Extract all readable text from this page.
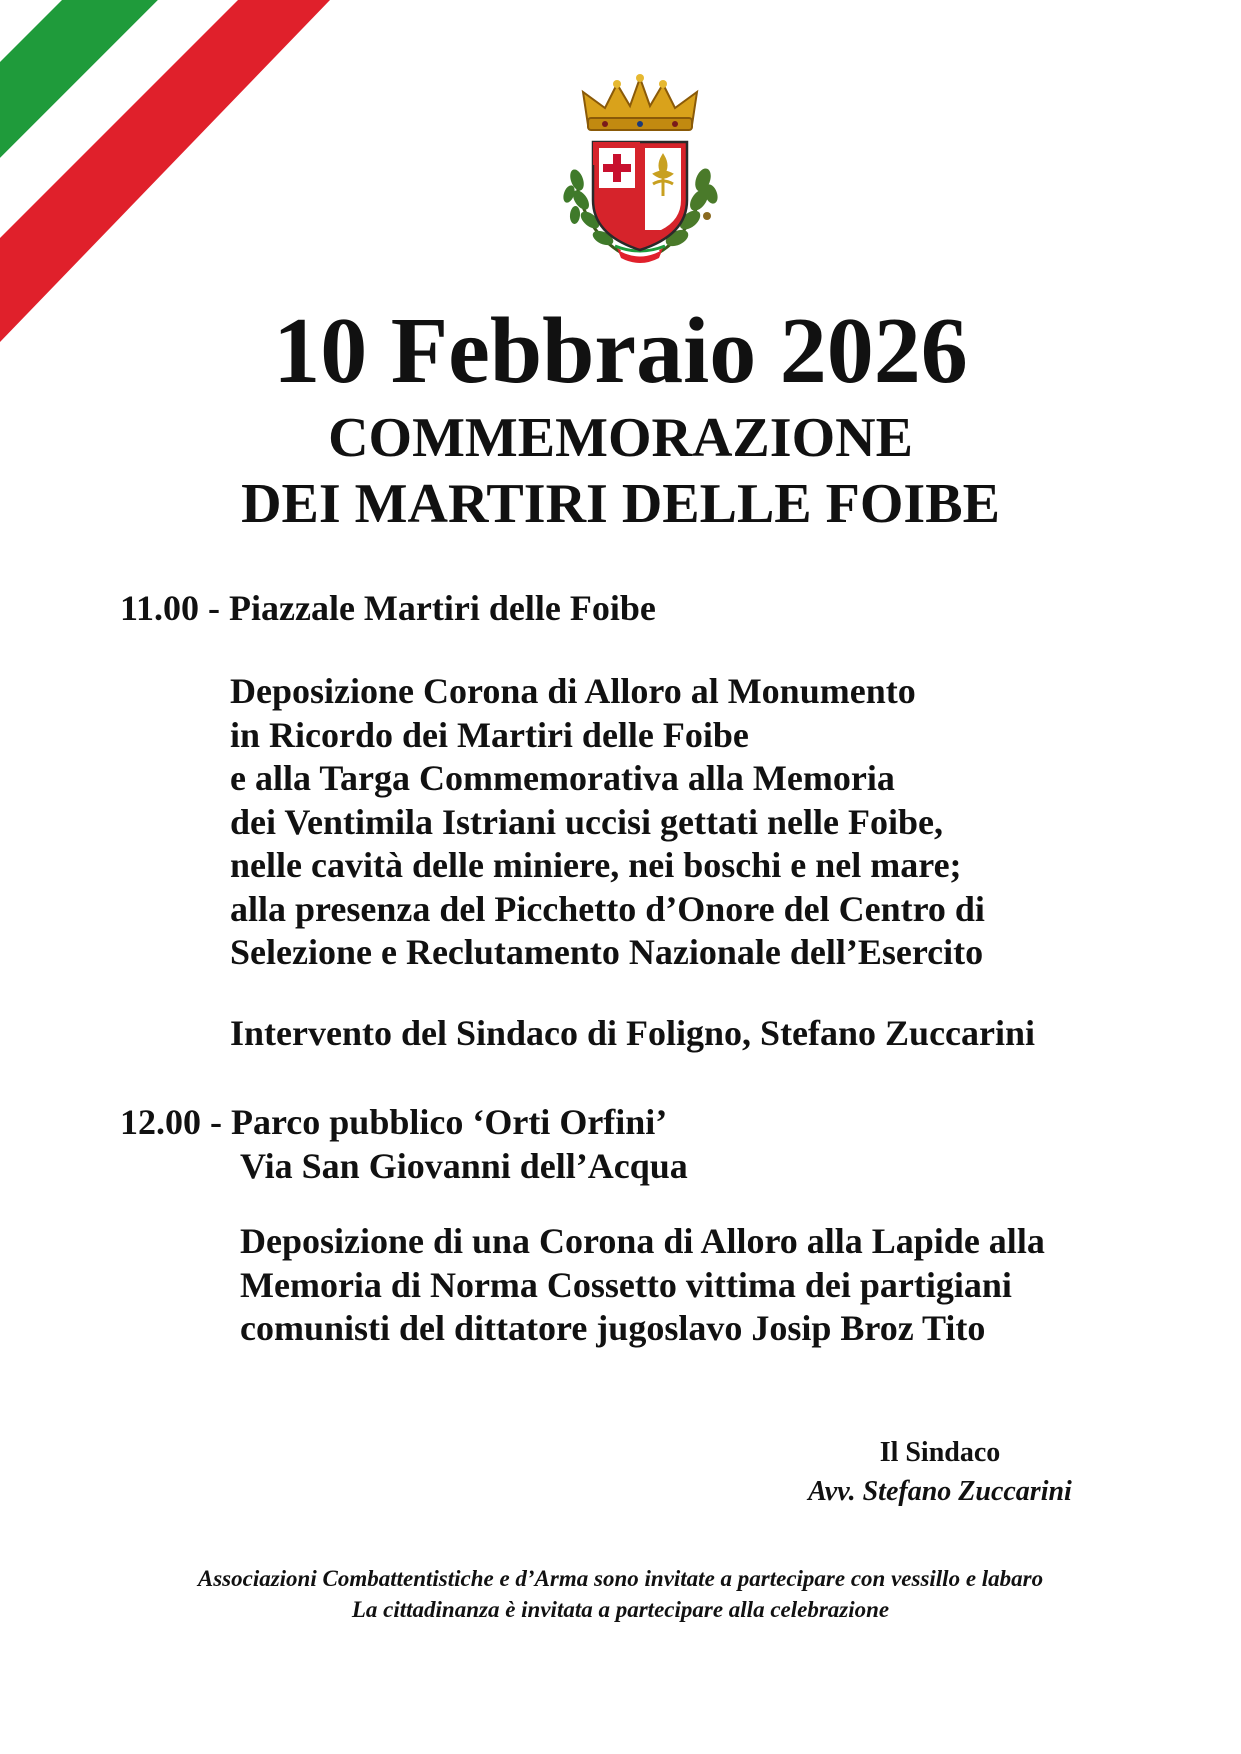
10 Febbraio 2026
COMMEMORAZIONE
DEI MARTIRI DELLE FOIBE
11.00 - Piazzale Martiri delle Foibe
Deposizione Corona di Alloro al Monumento
in Ricordo dei Martiri delle Foibe
e alla Targa Commemorativa alla Memoria
dei Ventimila Istriani uccisi gettati nelle Foibe,
nelle cavità delle miniere, nei boschi e nel mare;
alla presenza del Picchetto d’Onore del Centro di
Selezione e Reclutamento Nazionale dell’Esercito
Intervento del Sindaco di Foligno, Stefano Zuccarini
12.00 - Parco pubblico ‘Orti Orfini’
Via San Giovanni dell’Acqua
Deposizione di una Corona di Alloro alla Lapide alla
Memoria di Norma Cossetto vittima dei partigiani
comunisti del dittatore jugoslavo Josip Broz Tito
Il Sindaco
Avv. Stefano Zuccarini
Associazioni Combattentistiche e d’Arma sono invitate a partecipare con vessillo e labaro
La cittadinanza è invitata a partecipare alla celebrazione
